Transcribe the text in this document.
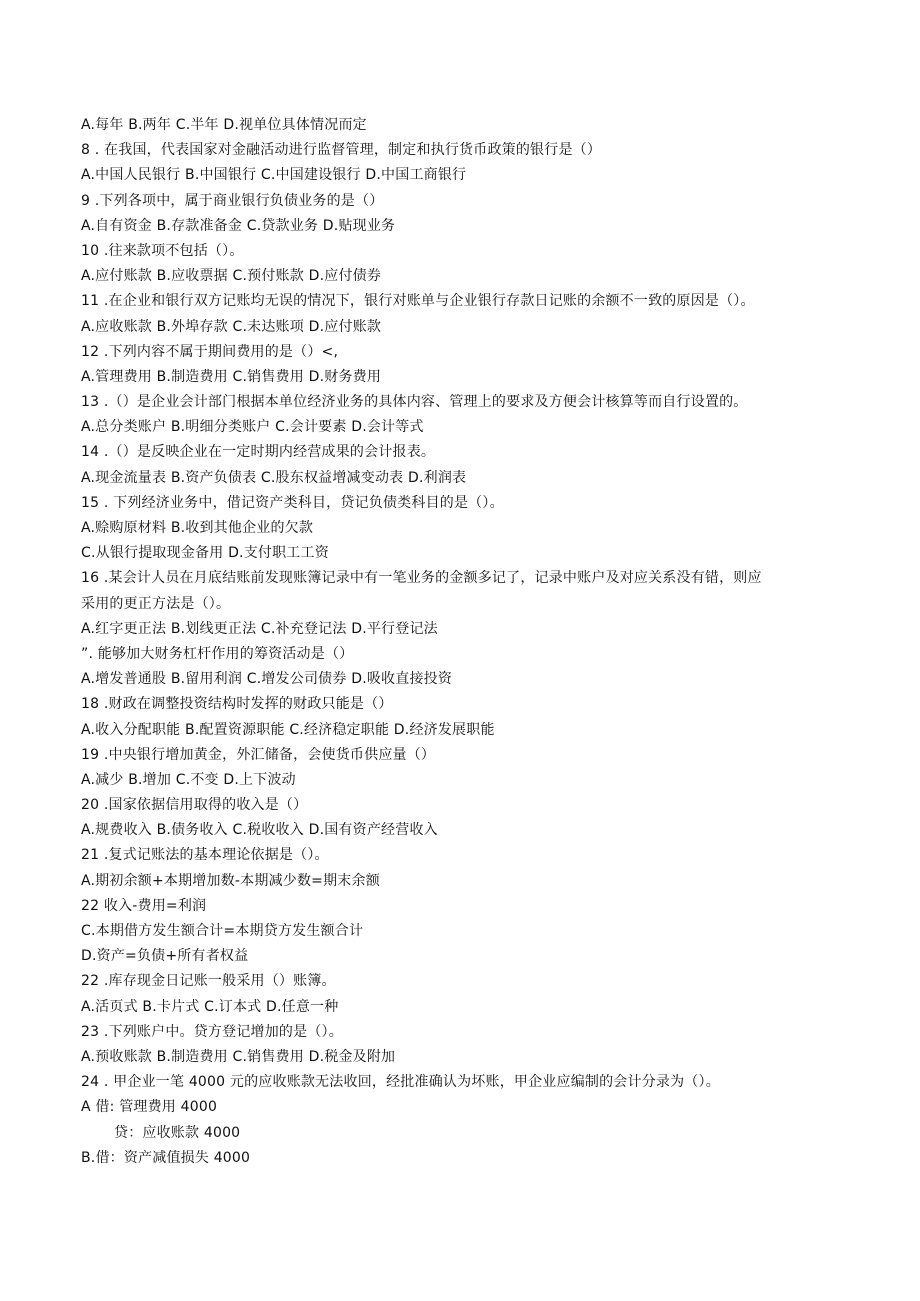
A.每年 B.两年 C.半年 D.视单位具体情况而定
8 . 在我国，代表国家对金融活动进行监督管理，制定和执行货币政策的银行是（）
A.中国人民银行 B.中国银行 C.中国建设银行 D.中国工商银行
9 .下列各项中，属于商业银行负债业务的是（）
A.自有资金 B.存款准备金 C.贷款业务 D.贴现业务
10 .往来款项不包括（）。
A.应付账款 B.应收票据 C.预付账款 D.应付债券
11 .在企业和银行双方记账均无误的情况下，银行对账单与企业银行存款日记账的余额不一致的原因是（）。
A.应收账款 B.外埠存款 C.未达账项 D.应付账款
12 .下列内容不属于期间费用的是（）<,
A.管理费用 B.制造费用 C.销售费用 D.财务费用
13 .（）是企业会计部门根据本单位经济业务的具体内容、管理上的要求及方便会计核算等而自行设置的。
A.总分类账户 B.明细分类账户 C.会计要素 D.会计等式
14 .（）是反映企业在一定时期内经营成果的会计报表。
A.现金流量表 B.资产负债表 C.股东权益增减变动表 D.利润表
15 . 下列经济业务中，借记资产类科目，贷记负债类科目的是（）。
A.赊购原材料 B.收到其他企业的欠款
C.从银行提取现金备用 D.支付职工工资
16 .某会计人员在月底结账前发现账簿记录中有一笔业务的金额多记了，记录中账户及对应关系没有错，则应
采用的更正方法是（）。
A.红字更正法 B.划线更正法 C.补充登记法 D.平行登记法
”. 能够加大财务杠杆作用的筹资活动是（）
A.增发普通股 B.留用利润 C.增发公司债券 D.吸收直接投资
18 .财政在调整投资结构时发挥的财政只能是（）
A.收入分配职能 B.配置资源职能 C.经济稳定职能 D.经济发展职能
19 .中央银行增加黄金，外汇储备，会使货币供应量（）
A.减少 B.增加 C.不变 D.上下波动
20 .国家依据信用取得的收入是（）
A.规费收入 B.债务收入 C.税收收入 D.国有资产经营收入
21 .复式记账法的基本理论依据是（）。
A.期初余额+本期增加数-本期减少数=期末余额
22 收入-费用=利润
C.本期借方发生额合计=本期贷方发生额合计
D.资产=负债+所有者权益
22 .库存现金日记账一般采用（）账簿。
A.活页式 B.卡片式 C.订本式 D.任意一种
23 .下列账户中。贷方登记增加的是（）。
A.预收账款 B.制造费用 C.销售费用 D.税金及附加
24 . 甲企业一笔 4000 元的应收账款无法收回，经批准确认为坏账，甲企业应编制的会计分录为（）。
A 借: 管理费用 4000
贷：应收账款 4000
B.借：资产减值损失 4000
